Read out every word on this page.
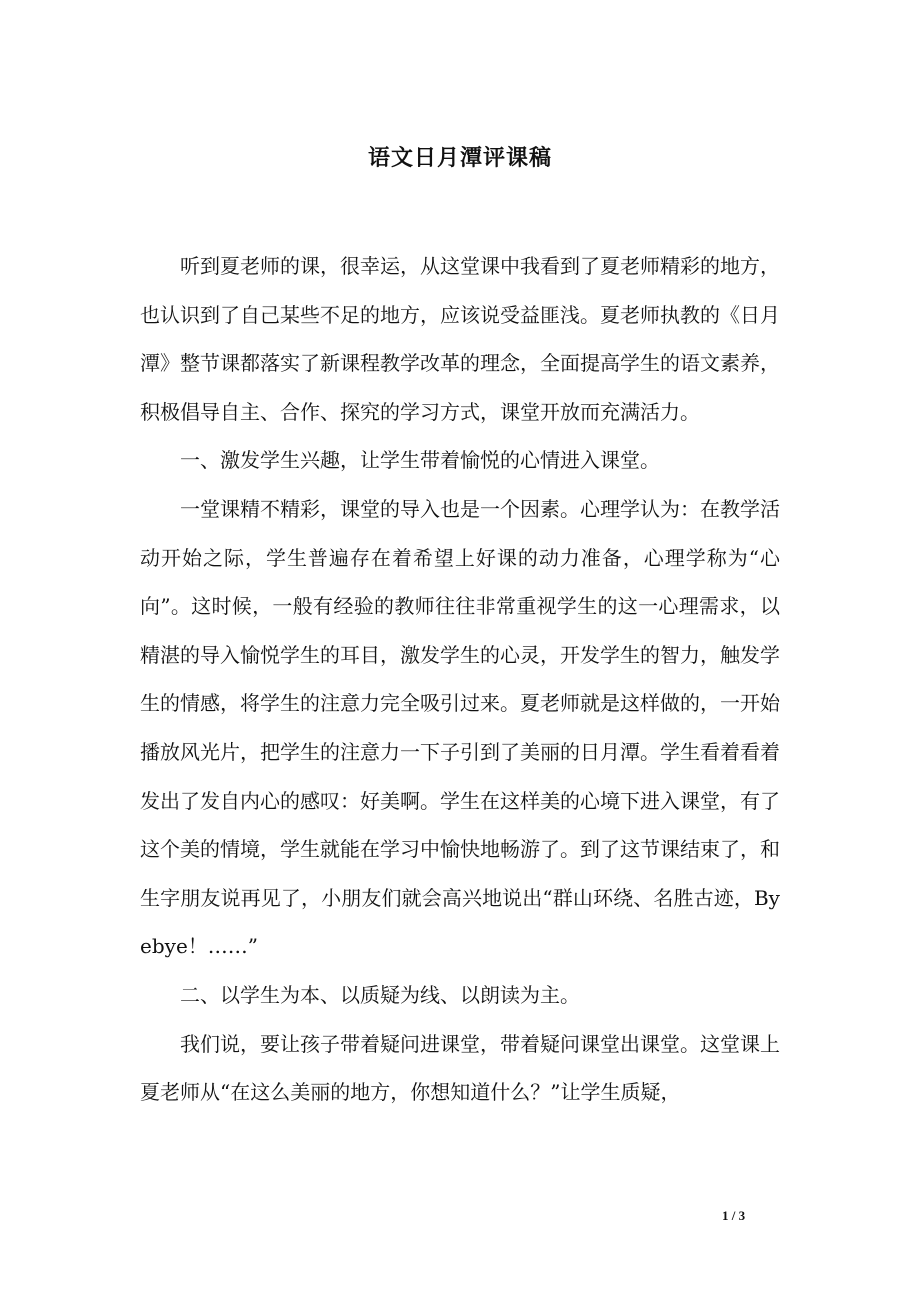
语文日月潭评课稿

听到夏老师的课，很幸运，从这堂课中我看到了夏老师精彩的地方，也认识到了自己某些不足的地方，应该说受益匪浅。夏老师执教的《日月潭》整节课都落实了新课程教学改革的理念，全面提高学生的语文素养，积极倡导自主、合作、探究的学习方式，课堂开放而充满活力。

一、激发学生兴趣，让学生带着愉悦的心情进入课堂。

一堂课精不精彩，课堂的导入也是一个因素。心理学认为：在教学活动开始之际，学生普遍存在着希望上好课的动力准备，心理学称为“心向”。这时候，一般有经验的教师往往非常重视学生的这一心理需求，以精湛的导入愉悦学生的耳目，激发学生的心灵，开发学生的智力，触发学生的情感，将学生的注意力完全吸引过来。夏老师就是这样做的，一开始播放风光片，把学生的注意力一下子引到了美丽的日月潭。学生看着看着发出了发自内心的感叹：好美啊。学生在这样美的心境下进入课堂，有了这个美的情境，学生就能在学习中愉快地畅游了。到了这节课结束了，和生字朋友说再见了，小朋友们就会高兴地说出“群山环绕、名胜古迹，Byebye！……”

二、以学生为本、以质疑为线、以朗读为主。

我们说，要让孩子带着疑问进课堂，带着疑问课堂出课堂。这堂课上夏老师从“在这么美丽的地方，你想知道什么？”让学生质疑，

1 / 3
